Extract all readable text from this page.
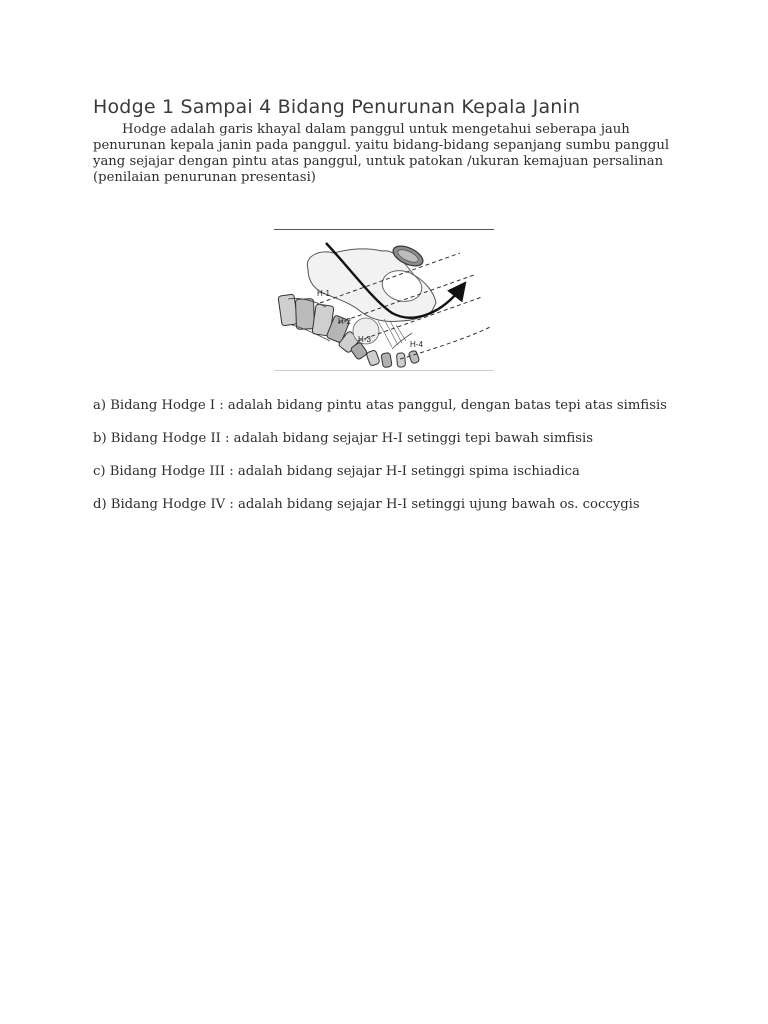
Hodge 1 Sampai 4 Bidang Penurunan Kepala Janin

Hodge adalah garis khayal dalam panggul untuk mengetahui seberapa jauh penurunan kepala janin pada panggul. yaitu bidang-bidang sepanjang sumbu panggul yang sejajar dengan pintu atas panggul, untuk patokan /ukuran kemajuan persalinan (penilaian penurunan presentasi)

H-1
H-2
H-3
H-4
a) Bidang Hodge I : adalah bidang pintu atas panggul, dengan batas tepi atas simfisis
b) Bidang Hodge II : adalah bidang sejajar H-I setinggi tepi bawah simfisis
c) Bidang Hodge III : adalah bidang sejajar H-I setinggi spima ischiadica
d) Bidang Hodge IV : adalah bidang sejajar H-I setinggi ujung bawah os. coccygis
